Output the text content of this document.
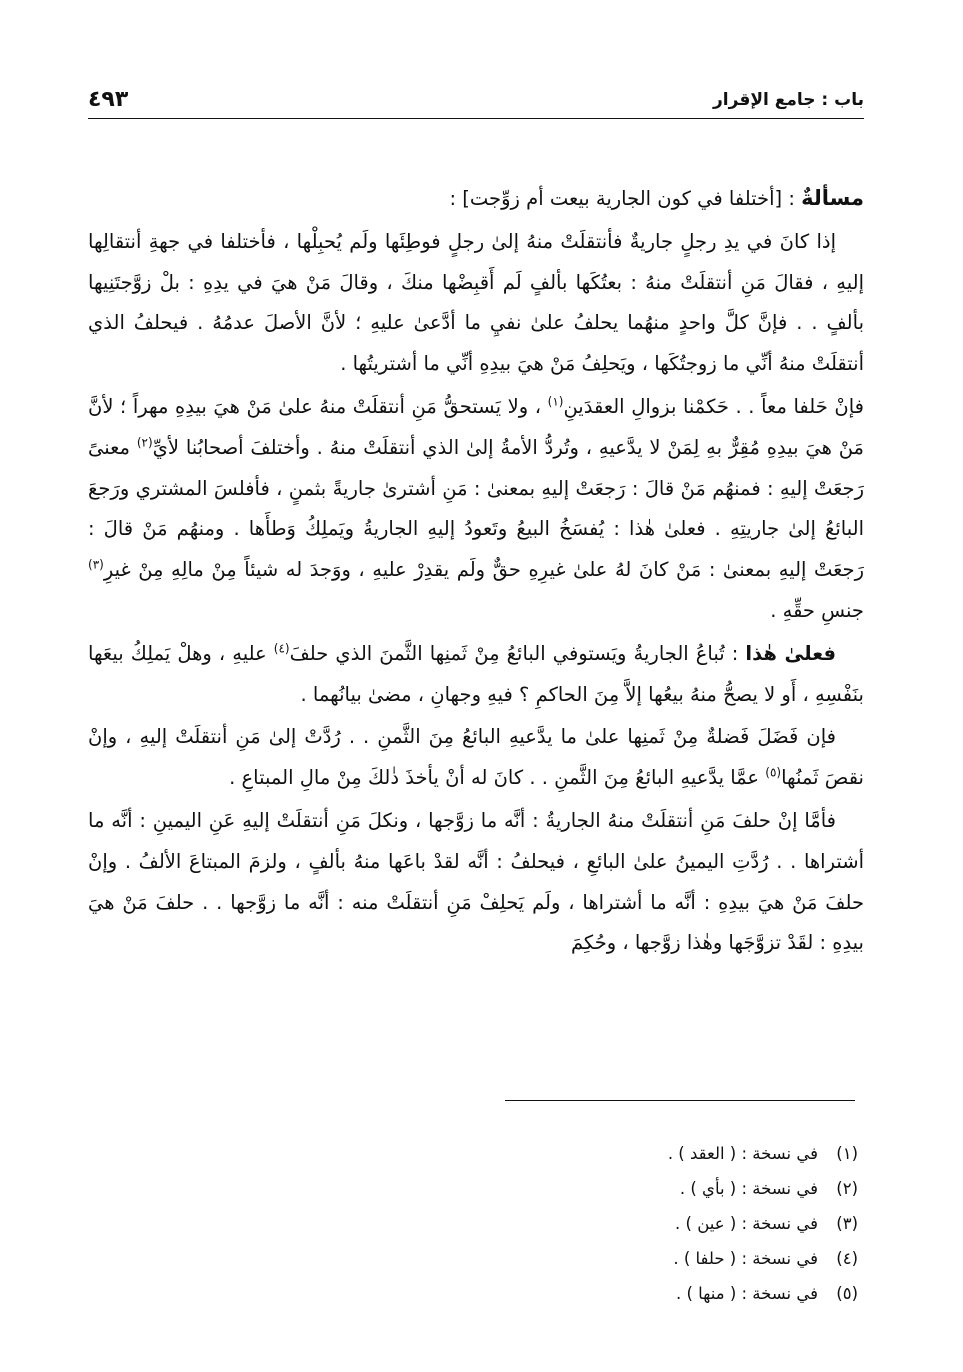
باب : جامع الإقرار
٤٩٣

مسألةٌ : [أختلفا في كون الجارية بيعت أم زوِّجت] :

إذا كانَ في يدِ رجلٍ جاريةٌ فأنتقلَتْ منهُ إلىٰ رجلٍ فوطِئَها ولَم يُحبِلْها ، فأختلفا في جهةِ أنتقالِها إليهِ ، فقالَ مَنِ أنتقلَتْ منهُ : بعتُكَها بألفٍ لَم أَقبِضْها منكَ ، وقالَ مَنْ هيَ في يدِهِ : بلْ زوَّجتَنِيها بألفٍ . . فإنَّ كلَّ واحدٍ منهُما يحلفُ علىٰ نفيِ ما أدَّعىٰ عليهِ ؛ لأنَّ الأصلَ عدمُهُ . فيحلفُ الذي أنتقلَتْ منهُ أنِّي ما زوجتُكَها ، ويَحلِفُ مَنْ هيَ بيدِهِ أنِّي ما أشتريتُها .

فإنْ حَلفا معاً . . حَكمْنا بزوالِ العقدَينِ$^{(١)}$ ، ولا يَستحقُّ مَنِ أنتقلَتْ منهُ علىٰ مَنْ هيَ بيدِهِ مهراً ؛ لأنَّ مَنْ هيَ بيدِهِ مُقِرٌّ بهِ لِمَنْ لا يدَّعيهِ ، وتُردُّ الأمةُ إلىٰ الذي أنتقلَتْ منهُ . وأختلفَ أصحابُنا لأيِّ$^{(٢)}$ معنىً رَجعَتْ إليهِ : فمنهُم مَنْ قالَ : رَجعَتْ إليهِ بمعنىٰ : مَنِ أشترىٰ جاريةً بثمنٍ ، فأفلسَ المشتري ورَجعَ البائعُ إلىٰ جاريتِهِ . فعلىٰ هٰذا : يُفسَخُ البيعُ وتَعودُ إليهِ الجاريةُ ويَملِكُ وَطأَها . ومنهُم مَنْ قالَ : رَجعَتْ إليهِ بمعنىٰ : مَنْ كانَ لهُ علىٰ غيرِهِ حقٌّ ولَم يقدِرْ عليهِ ، ووَجدَ له شيئاً مِنْ مالِهِ مِنْ غيرِ$^{(٣)}$ جنسِ حقِّهِ .

فعلىٰ هٰذا : تُباعُ الجاريةُ ويَستوفي البائعُ مِنْ ثَمنِها الثَّمنَ الذي حلفَ$^{(٤)}$ عليهِ ، وهلْ يَملِكُ بيعَها بنَفْسِهِ ، أَو لا يصحُّ منهُ بيعُها إلاَّ مِنَ الحاكمِ ؟ فيهِ وجهانِ ، مضىٰ بيانُهما .

فإن فَضَلَ فَضلةٌ مِنْ ثَمنِها علىٰ ما يدَّعيهِ البائعُ مِنَ الثَّمنِ . . رُدَّتْ إلىٰ مَنِ أنتقلَتْ إليهِ ، وإنْ نقصَ ثَمنُها$^{(٥)}$ عمَّا يدَّعيهِ البائعُ مِنَ الثَّمنِ . . كانَ له أنْ يأخذَ ذٰلكَ مِنْ مالِ المبتاعِ .

فأمَّا إنْ حلفَ مَنِ أنتقلَتْ منهُ الجاريةُ : أنَّه ما زوَّجها ، ونكلَ مَنِ أنتقلَتْ إليهِ عَنِ اليمينِ : أنَّه ما أشتراها . . رُدَّتِ اليمينُ علىٰ البائعِ ، فيحلفُ : أنَّه لقدْ باعَها منهُ بألفٍ ، ولزمَ المبتاعَ الألفُ . وإنْ حلفَ مَنْ هيَ بيدِهِ : أنَّه ما أشتراها ، ولَم يَحلِفْ مَنِ أنتقلَتْ منه : أنَّه ما زوَّجها . . حلفَ مَنْ هيَ بيدِهِ : لقَدْ تزوَّجَها وهٰذا زوَّجها ، وحُكِمَ

(١)في نسخة : ( العقد ) .
(٢)في نسخة : ( بأي ) .
(٣)في نسخة : ( عين ) .
(٤)في نسخة : ( حلفا ) .
(٥)في نسخة : ( منها ) .
